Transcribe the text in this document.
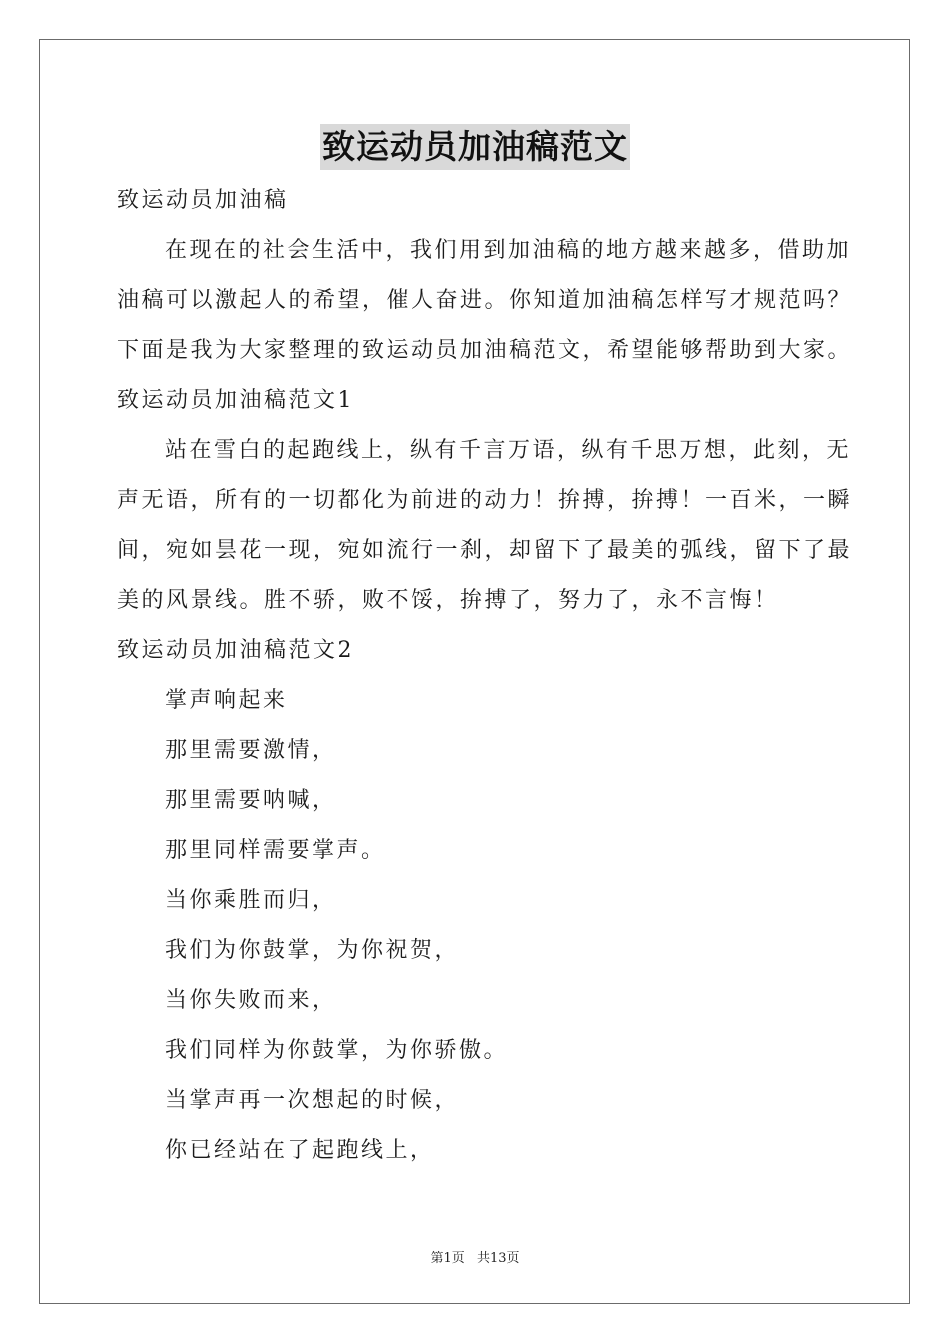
致运动员加油稿范文
致运动员加油稿
在现在的社会生活中，我们用到加油稿的地方越来越多，借助加
油稿可以激起人的希望，催人奋进。你知道加油稿怎样写才规范吗？
下面是我为大家整理的致运动员加油稿范文，希望能够帮助到大家。
致运动员加油稿范文1
站在雪白的起跑线上，纵有千言万语，纵有千思万想，此刻，无
声无语，所有的一切都化为前进的动力！拚搏，拚搏！一百米，一瞬
间，宛如昙花一现，宛如流行一刹，却留下了最美的弧线，留下了最
美的风景线。胜不骄，败不馁，拚搏了，努力了，永不言悔！
致运动员加油稿范文2
掌声响起来
那里需要激情，
那里需要呐喊，
那里同样需要掌声。
当你乘胜而归，
我们为你鼓掌，为你祝贺，
当你失败而来，
我们同样为你鼓掌，为你骄傲。
当掌声再一次想起的时候，
你已经站在了起跑线上，
第1页 共13页
